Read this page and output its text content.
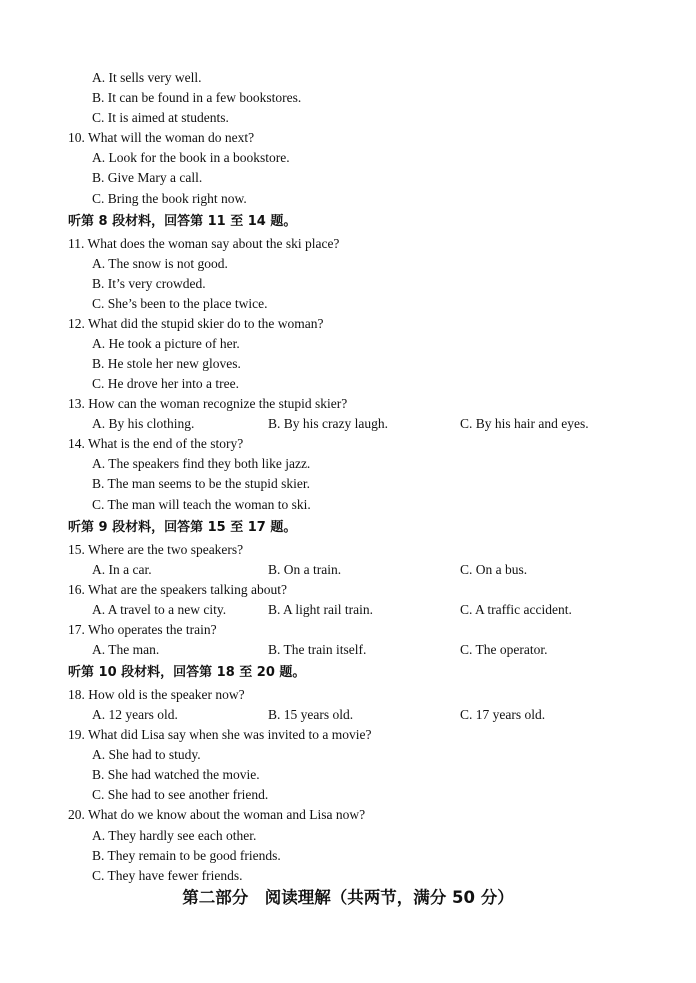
A. It sells very well.
B. It can be found in a few bookstores.
C. It is aimed at students.
10. What will the woman do next?
A. Look for the book in a bookstore.
B. Give Mary a call.
C. Bring the book right now.
听第 8 段材料，回答第 11 至 14 题。
11. What does the woman say about the ski place?
A. The snow is not good.
B. It’s very crowded.
C. She’s been to the place twice.
12. What did the stupid skier do to the woman?
A. He took a picture of her.
B. He stole her new gloves.
C. He drove her into a tree.
13. How can the woman recognize the stupid skier?
A. By his clothing.	B. By his crazy laugh.	C. By his hair and eyes.
14. What is the end of the story?
A. The speakers find they both like jazz.
B. The man seems to be the stupid skier.
C. The man will teach the woman to ski.
听第 9 段材料，回答第 15 至 17 题。
15. Where are the two speakers?
A. In a car.	B. On a train.	C. On a bus.
16. What are the speakers talking about?
A. A travel to a new city.	B. A light rail train.	C. A traffic accident.
17. Who operates the train?
A. The man.	B. The train itself.	C. The operator.
听第 10 段材料，回答第 18 至 20 题。
18. How old is the speaker now?
A. 12 years old.	B. 15 years old.	C. 17 years old.
19. What did Lisa say when she was invited to a movie?
A. She had to study.
B. She had watched the movie.
C. She had to see another friend.
20. What do we know about the woman and Lisa now?
A. They hardly see each other.
B. They remain to be good friends.
C. They have fewer friends.
第二部分　阅读理解（共两节，满分 50 分）
